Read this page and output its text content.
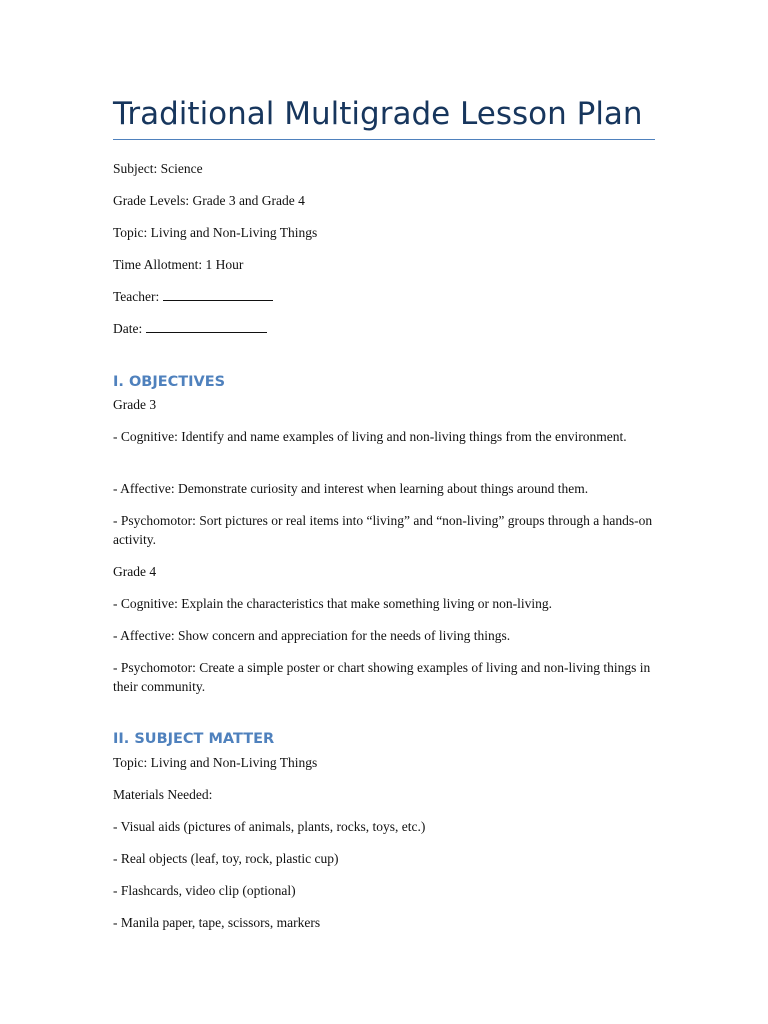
Traditional Multigrade Lesson Plan

Subject: Science

Grade Levels: Grade 3 and Grade 4

Topic: Living and Non-Living Things

Time Allotment: 1 Hour

Teacher:

Date:

I. OBJECTIVES

Grade 3

- Cognitive: Identify and name examples of living and non-living things from the environment.

- Affective: Demonstrate curiosity and interest when learning about things around them.

- Psychomotor: Sort pictures or real items into “living” and “non-living” groups through a hands-on activity.

Grade 4

- Cognitive: Explain the characteristics that make something living or non-living.

- Affective: Show concern and appreciation for the needs of living things.

- Psychomotor: Create a simple poster or chart showing examples of living and non-living things in their community.

II. SUBJECT MATTER

Topic: Living and Non-Living Things

Materials Needed:

- Visual aids (pictures of animals, plants, rocks, toys, etc.)

- Real objects (leaf, toy, rock, plastic cup)

- Flashcards, video clip (optional)

- Manila paper, tape, scissors, markers
